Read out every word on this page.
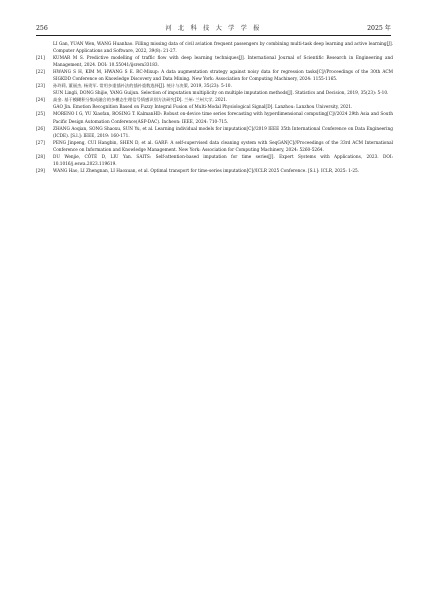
256	河 北 科 技 大 学 学 报	2025 年
LI Gan, YUAN Wen, WANG Huanhao. Filling missing data of civil aviation frequent passengers by combining multi-task deep learning and active learning[J]. Computer Applications and Software, 2022, 39(8): 21-27.
[21] KUMAR M S. Predictive modelling of traffic flow with deep learning techniques[J]. International Journal of Scientific Research in Engineering and Management, 2024. DOI: 10.55041/ijsrem33183.
[22] HWANG S H, KIM M, HWANG S E. RC-Mixup: A data augmentation strategy against noisy data for regression tasks[C]//Proceedings of the 30th ACM SIGKDD Conference on Knowledge Discovery and Data Mining. New York: Association for Computing Machinery, 2024: 1155-1165.
[23] 孙玲莉, 董丽杰, 杨贵军. 常用多重插补法的插补重数选择[J]. 统计与决策, 2019, 35(23): 5-10.
SUN Lingli, DONG Shijie, YANG Guijun. Selection of imputation multiplicity on multiple imputation methods[J]. Statistics and Decision, 2019, 35(23): 5-10.
[24] 高金. 基于模糊积分集成融合的多模态生理信号情感识别方法研究[D]. 兰州: 兰州大学, 2021.
GAO Jin. Emotion Recognition Based on Fuzzy Integral Fusion of Multi-Modal Physiological Signal[D]. Lanzhou: Lanzhou University, 2021.
[25] MORENO I G, YU Xiaofan, ROSING T. KalmanHD: Robust on-device time series forecasting with hyperdimensional computing[C]//2024 29th Asia and South Pacific Design Automation Conference(ASP-DAC). Incheon: IEEE, 2024: 710-715.
[26] ZHANG Aoqian, SONG Shaoxu, SUN Yu, et al. Learning individual models for imputation[C]//2019 IEEE 35th International Conference on Data Engineering (ICDE). [S.l.]: IEEE, 2019: 160-171.
[27] PENG Jinpeng, CUI Hangbin, SHEN D, et al. GARF: A self-supervised data cleaning system with SeqGAN[C]//Proceedings of the 33rd ACM International Conference on Information and Knowledge Management. New York: Association for Computing Machinery, 2024: 5260-5264.
[28] DU Wenjie, CÔTÉ D, LIU Yan. SAITS: Self-attention-based imputation for time series[J]. Expert Systems with Applications, 2023. DOI: 10.1016/j.eswa.2023.119619.
[29] WANG Hao, LI Zhengnan, LI Haoxuan, et al. Optimal transport for time-series imputation[C]//ICLR 2025 Conference. [S.l.]: ICLR, 2025: 1-25.
